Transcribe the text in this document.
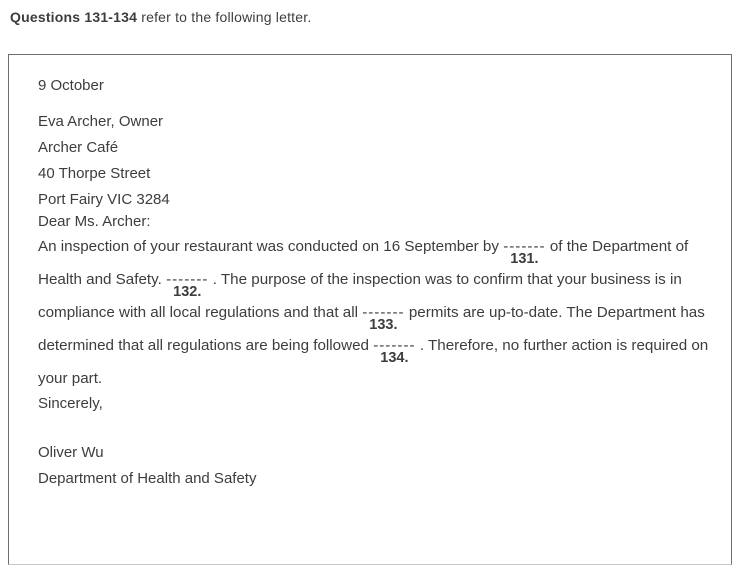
Questions 131-134 refer to the following letter.

9 October

Eva Archer, Owner

Archer Café

40 Thorpe Street

Port Fairy VIC 3284

Dear Ms. Archer:

An inspection of your restaurant was conducted on 16 September by -------
131.
of the Department of Health and Safety. -------
132.
. The purpose of the inspection was to confirm that your business is in compliance with all local regulations and that all -------
133.
permits are up-to-date. The Department has determined that all regulations are being followed -------
134.
. Therefore, no further action is required on your part.

Sincerely,

Oliver Wu

Department of Health and Safety
